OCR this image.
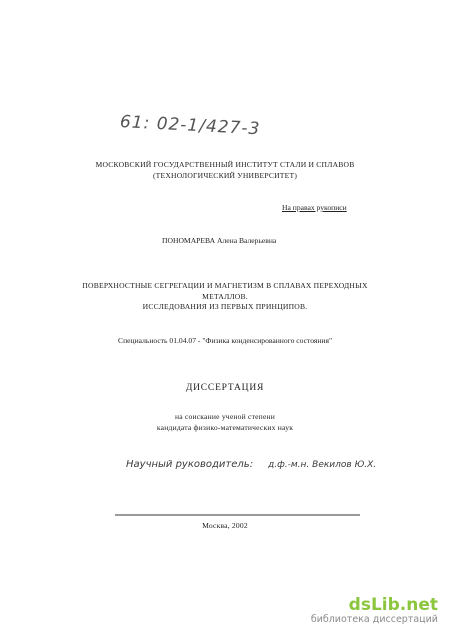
61: 02-1/427-3
МОСКОВСКИЙ ГОСУДАРСТВЕННЫЙ ИНСТИТУТ СТАЛИ И СПЛАВОВ
(ТЕХНОЛОГИЧЕСКИЙ УНИВЕРСИТЕТ)
На правах рукописи
ПОНОМАРЕВА Алена Валерьевна
ПОВЕРХНОСТНЫЕ СЕГРЕГАЦИИ И МАГНЕТИЗМ В СПЛАВАХ ПЕРЕХОДНЫХ
МЕТАЛЛОВ.
ИССЛЕДОВАНИЯ ИЗ ПЕРВЫХ ПРИНЦИПОВ.
Специальность 01.04.07 - "Физика конденсированного состояния"
ДИССЕРТАЦИЯ
на соискание ученой степени
кандидата физико-математических наук
Научный руководитель: д.ф.-м.н. Векилов Ю.Х.
Москва, 2002
dsLib.net
библиотека диссертаций
